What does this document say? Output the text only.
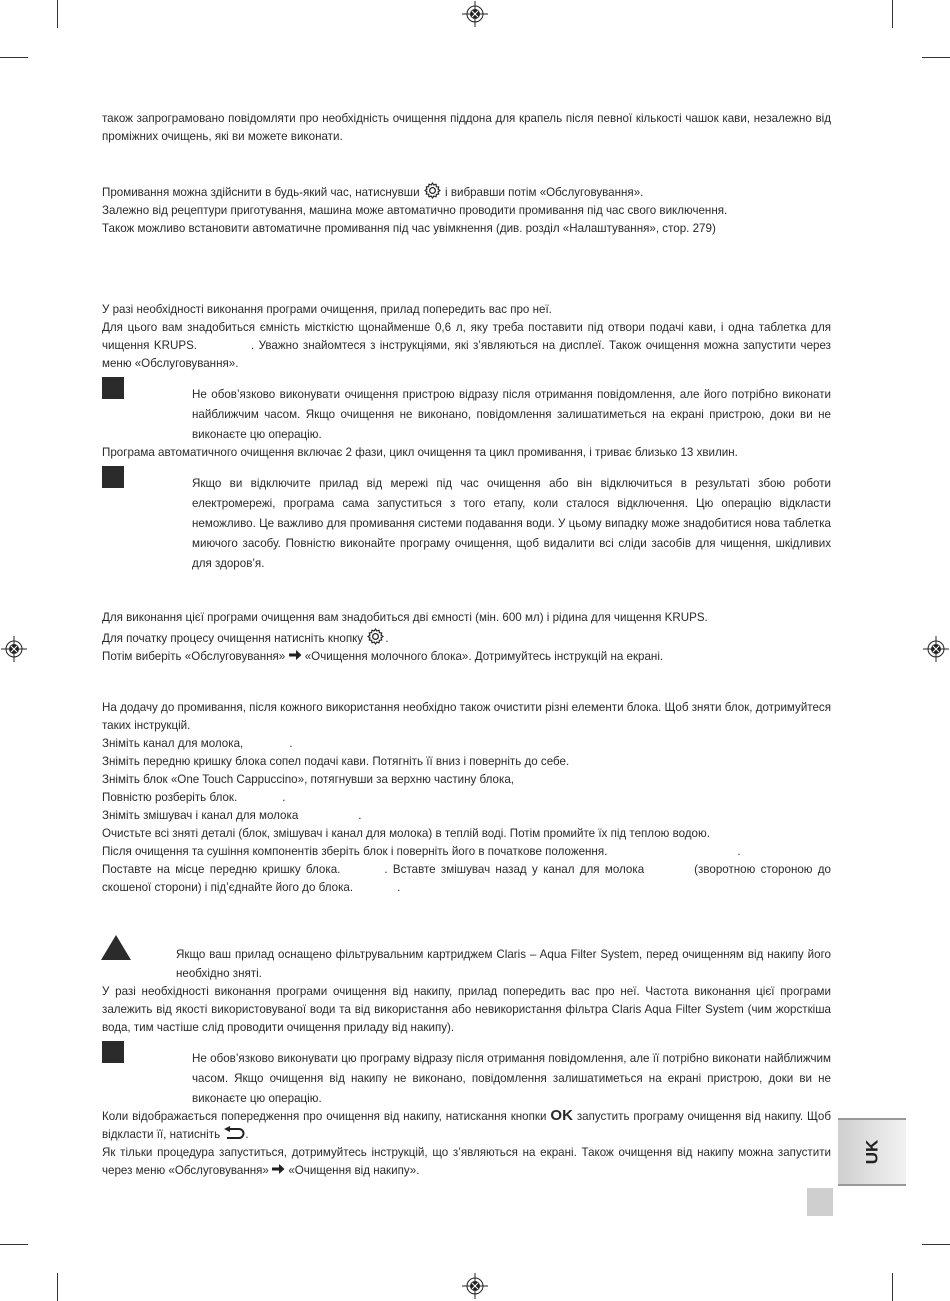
також запрограмовано повідомляти про необхідність очищення піддона для крапель після певної кількості чашок кави, незалежно від проміжних очищень, які ви можете виконати.

Промивання можна здійснити в будь-який час, натиснувши і вибравши потім «Обслуговування».
Залежно від рецептури приготування, машина може автоматично проводити промивання під час свого виключення.
Також можливо встановити автоматичне промивання під час увімкнення (див. розділ «Налаштування», стор. 279)
У разі необхідності виконання програми очищення, прилад попередить вас про неї.
Для цього вам знадобиться ємність місткістю щонайменше 0,6 л, яку треба поставити під отвори подачі кави, і одна таблетка для чищення KRUPS.	. Уважно знайомтеся з інструкціями, які з’являються на дисплеї. Також очищення можна запустити через меню «Обслуговування».

Не обов’язково виконувати очищення пристрою відразу після отримання повідомлення, але його потрібно виконати найближчим часом. Якщо очищення не виконано, повідомлення залишатиметься на екрані пристрою, доки ви не виконаєте цю операцію.

Програма автоматичного очищення включає 2 фази, цикл очищення та цикл промивання, і триває близько 13 хвилин.

Якщо ви відключите прилад від мережі під час очищення або він відключиться в результаті збою роботи електромережі, програма сама запуститься з того етапу, коли сталося відключення. Цю операцію відкласти неможливо. Це важливо для промивання системи подавання води. У цьому випадку може знадобитися нова таблетка миючого засобу. Повністю виконайте програму очищення, щоб видалити всі сліди засобів для чищення, шкідливих для здоров’я.

Для виконання цієї програми очищення вам знадобиться дві ємності (мін. 600 мл) і рідина для чищення KRUPS.
Для початку процесу очищення натисніть кнопку .
Потім виберіть «Обслуговування» «Очищення молочного блока». Дотримуйтесь інструкцій на екрані.
На додачу до промивання, після кожного використання необхідно також очистити різні елементи блока. Щоб зняти блок, дотримуйтеся таких інструкцій.
Зніміть канал для молока,	.
Зніміть передню кришку блока сопел подачі кави. Потягніть її вниз і поверніть до себе.
Зніміть блок «One Touch Cappuccino», потягнувши за верхню частину блока,
Повністю розберіть блок.	.
Зніміть змішувач і канал для молока	.
Очистьте всі зняті деталі (блок, змішувач і канал для молока) в теплій воді. Потім промийте їх під теплою водою.
Після очищення та сушіння компонентів зберіть блок і поверніть його в початкове положення.	.
Поставте на місце передню кришку блока.	. Вставте змішувач назад у канал для молока	(зворотною стороною до скошеної сторони) і під’єднайте його до блока.	.

Якщо ваш прилад оснащено фільтрувальним картриджем Claris – Aqua Filter System, перед очищенням від накипу його необхідно зняті.

У разі необхідності виконання програми очищення від накипу, прилад попередить вас про неї. Частота виконання цієї програми залежить від якості використовуваної води та від використання або невикористання фільтра Claris Aqua Filter System (чим жорсткіша вода, тим частіше слід проводити очищення приладу від накипу).

Не обов’язково виконувати цю програму відразу після отримання повідомлення, але її потрібно виконати найближчим часом. Якщо очищення від накипу не виконано, повідомлення залишатиметься на екрані пристрою, доки ви не виконаєте цю операцію.

Коли відображається попередження про очищення від накипу, натискання кнопки OK запустить програму очищення від накипу. Щоб відкласти її, натисніть .
Як тільки процедура запуститься, дотримуйтесь інструкцій, що з’являються на екрані. Також очищення від накипу можна запустити через меню «Обслуговування» «Очищення від накипу».
UK
